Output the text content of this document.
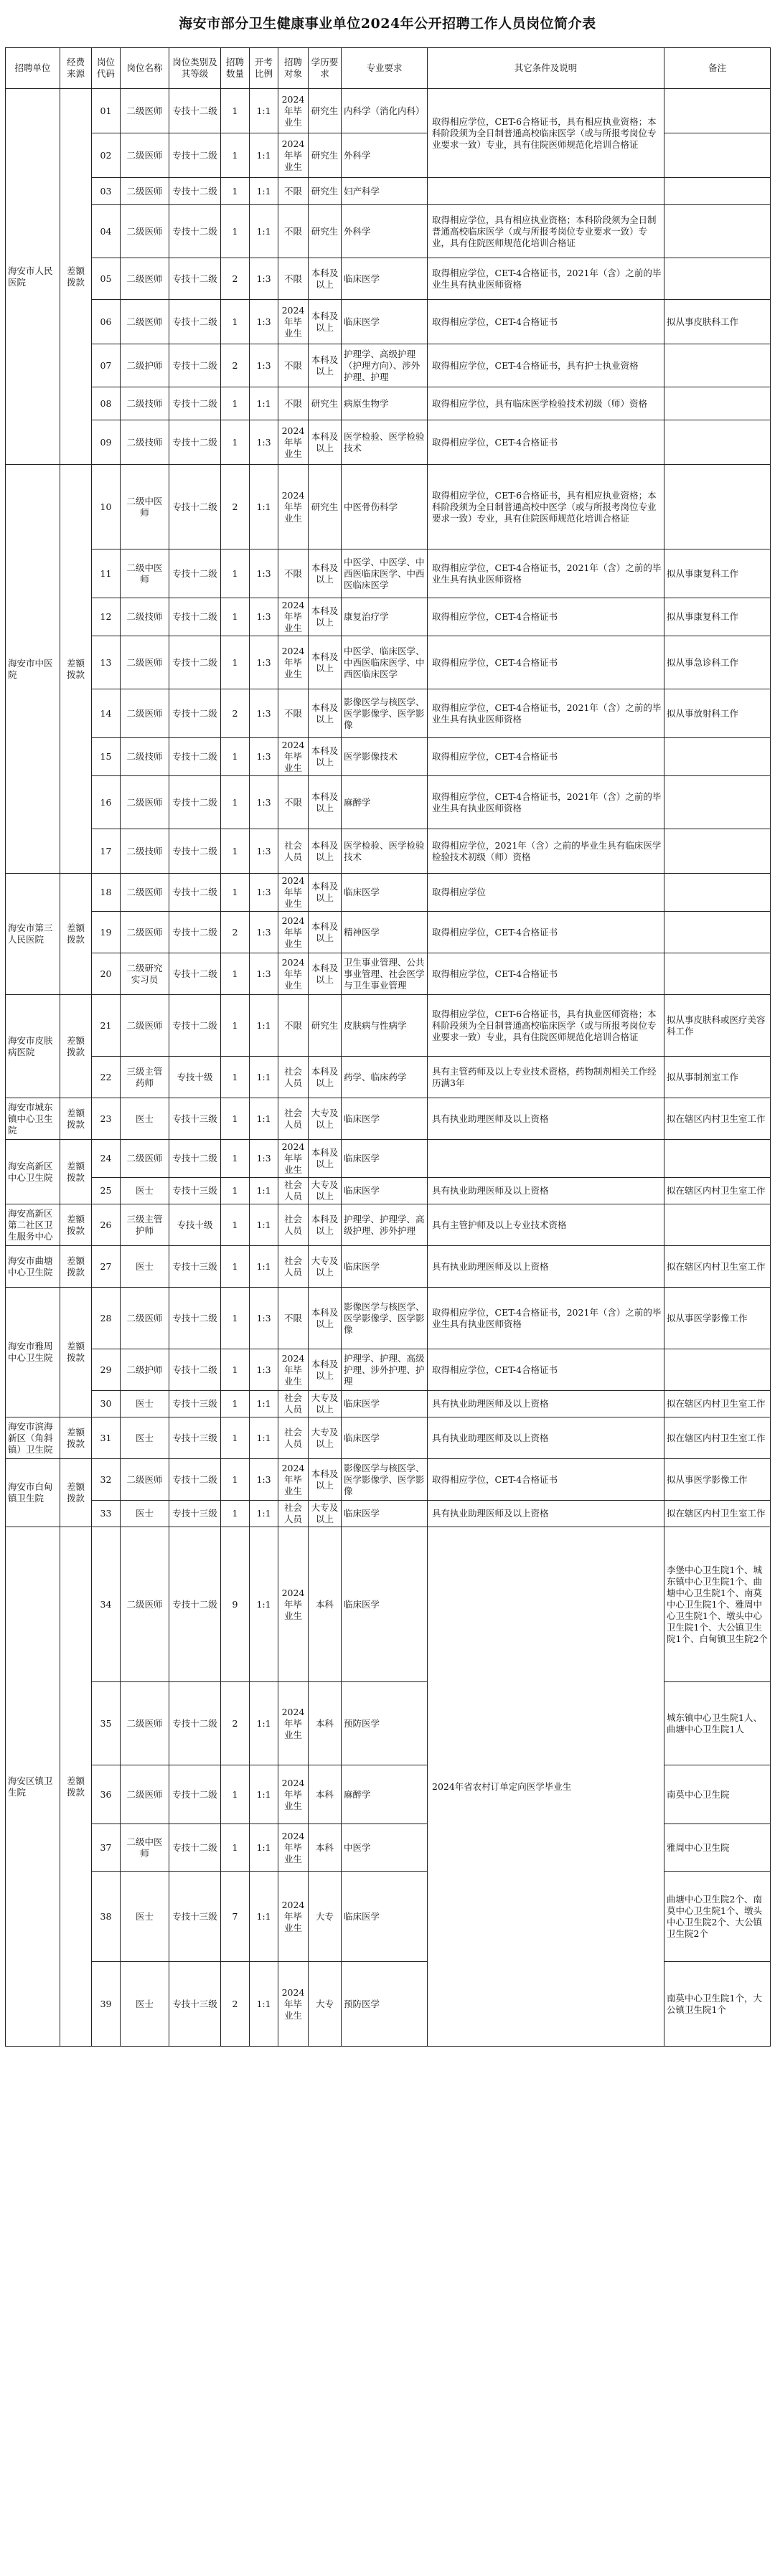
海安市部分卫生健康事业单位2024年公开招聘工作人员岗位简介表
招聘单位	经费来源	岗位代码	岗位名称	岗位类别及其等级	招聘数量	开考比例	招聘对象	学历要求	专业要求	其它条件及说明	备注
海安市人民医院	差额拨款	01	二级医师	专技十二级	1	1:1	2024年毕业生	研究生	内科学（消化内科）	取得相应学位，CET-6合格证书，具有相应执业资格；本科阶段须为全日制普通高校临床医学（或与所报考岗位专业要求一致）专业，具有住院医师规范化培训合格证	
		02	二级医师	专技十二级	1	1:1	2024年毕业生	研究生	外科学		
		03	二级医师	专技十二级	1	1:1	不限	研究生	妇产科学		
		04	二级医师	专技十二级	1	1:1	不限	研究生	外科学	取得相应学位，具有相应执业资格；本科阶段须为全日制普通高校临床医学（或与所报考岗位专业要求一致）专业，具有住院医师规范化培训合格证	
		05	二级医师	专技十二级	2	1:3	不限	本科及以上	临床医学	取得相应学位，CET-4合格证书，2021年（含）之前的毕业生具有执业医师资格	
		06	二级医师	专技十二级	1	1:3	2024年毕业生	本科及以上	临床医学	取得相应学位，CET-4合格证书	拟从事皮肤科工作
		07	二级护师	专技十二级	2	1:3	不限	本科及以上	护理学、高级护理（护理方向）、涉外护理、护理	取得相应学位，CET-4合格证书，具有护士执业资格	
		08	二级技师	专技十二级	1	1:1	不限	研究生	病原生物学	取得相应学位，具有临床医学检验技术初级（师）资格	
		09	二级技师	专技十二级	1	1:3	2024年毕业生	本科及以上	医学检验、医学检验技术	取得相应学位，CET-4合格证书	
海安市中医院	差额拨款	10	二级中医师	专技十二级	2	1:1	2024年毕业生	研究生	中医骨伤科学	取得相应学位，CET-6合格证书，具有相应执业资格；本科阶段须为全日制普通高校中医学（或与所报考岗位专业要求一致）专业，具有住院医师规范化培训合格证	
		11	二级中医师	专技十二级	1	1:3	不限	本科及以上	中医学、中医学、中西医临床医学、中西医临床医学	取得相应学位，CET-4合格证书，2021年（含）之前的毕业生具有执业医师资格	拟从事康复科工作
		12	二级技师	专技十二级	1	1:3	2024年毕业生	本科及以上	康复治疗学	取得相应学位，CET-4合格证书	拟从事康复科工作
		13	二级医师	专技十二级	1	1:3	2024年毕业生	本科及以上	中医学、临床医学、中西医临床医学、中西医临床医学	取得相应学位，CET-4合格证书	拟从事急诊科工作
		14	二级医师	专技十二级	2	1:3	不限	本科及以上	影像医学与核医学、医学影像学、医学影像	取得相应学位，CET-4合格证书，2021年（含）之前的毕业生具有执业医师资格	拟从事放射科工作
		15	二级技师	专技十二级	1	1:3	2024年毕业生	本科及以上	医学影像技术	取得相应学位，CET-4合格证书	
		16	二级医师	专技十二级	1	1:3	不限	本科及以上	麻醉学	取得相应学位，CET-4合格证书，2021年（含）之前的毕业生具有执业医师资格	
		17	二级技师	专技十二级	1	1:3	社会人员	本科及以上	医学检验、医学检验技术	取得相应学位，2021年（含）之前的毕业生具有临床医学检验技术初级（师）资格	
海安市第三人民医院	差额拨款	18	二级医师	专技十二级	1	1:3	2024年毕业生	本科及以上	临床医学	取得相应学位	
		19	二级医师	专技十二级	2	1:3	2024年毕业生	本科及以上	精神医学	取得相应学位，CET-4合格证书	
		20	二级研究实习员	专技十二级	1	1:3	2024年毕业生	本科及以上	卫生事业管理、公共事业管理、社会医学与卫生事业管理	取得相应学位，CET-4合格证书	
海安市皮肤病医院	差额拨款	21	二级医师	专技十二级	1	1:1	不限	研究生	皮肤病与性病学	取得相应学位，CET-6合格证书，具有执业医师资格；本科阶段须为全日制普通高校临床医学（或与所报考岗位专业要求一致）专业，具有住院医师规范化培训合格证	拟从事皮肤科或医疗美容科工作
		22	三级主管药师	专技十级	1	1:1	社会人员	本科及以上	药学、临床药学	具有主管药师及以上专业技术资格，药物制剂相关工作经历满3年	拟从事制剂室工作
海安市城东镇中心卫生院	差额拨款	23	医士	专技十三级	1	1:1	社会人员	大专及以上	临床医学	具有执业助理医师及以上资格	拟在辖区内村卫生室工作
海安高新区中心卫生院	差额拨款	24	二级医师	专技十二级	1	1:3	2024年毕业生	本科及以上	临床医学		
		25	医士	专技十三级	1	1:1	社会人员	大专及以上	临床医学	具有执业助理医师及以上资格	拟在辖区内村卫生室工作
海安高新区第二社区卫生服务中心	差额拨款	26	三级主管护师	专技十级	1	1:1	社会人员	本科及以上	护理学、护理学、高级护理、涉外护理	具有主管护师及以上专业技术资格	
海安市曲塘中心卫生院	差额拨款	27	医士	专技十三级	1	1:1	社会人员	大专及以上	临床医学	具有执业助理医师及以上资格	拟在辖区内村卫生室工作
海安市雅周中心卫生院	差额拨款	28	二级医师	专技十二级	1	1:3	不限	本科及以上	影像医学与核医学、医学影像学、医学影像	取得相应学位，CET-4合格证书，2021年（含）之前的毕业生具有执业医师资格	拟从事医学影像工作
		29	二级护师	专技十二级	1	1:3	2024年毕业生	本科及以上	护理学、护理、高级护理、涉外护理、护理	取得相应学位，CET-4合格证书	
		30	医士	专技十三级	1	1:1	社会人员	大专及以上	临床医学	具有执业助理医师及以上资格	拟在辖区内村卫生室工作
海安市滨海新区（角斜镇）卫生院	差额拨款	31	医士	专技十三级	1	1:1	社会人员	大专及以上	临床医学	具有执业助理医师及以上资格	拟在辖区内村卫生室工作
海安市白甸镇卫生院	差额拨款	32	二级医师	专技十二级	1	1:3	2024年毕业生	本科及以上	影像医学与核医学、医学影像学、医学影像	取得相应学位，CET-4合格证书	拟从事医学影像工作
		33	医士	专技十三级	1	1:1	社会人员	大专及以上	临床医学	具有执业助理医师及以上资格	拟在辖区内村卫生室工作
海安区镇卫生院	差额拨款	34	二级医师	专技十二级	9	1:1	2024年毕业生	本科	临床医学	2024年省农村订单定向医学毕业生	李堡中心卫生院1个、城东镇中心卫生院1个、曲塘中心卫生院1个、南莫中心卫生院1个、雅周中心卫生院1个、墩头中心卫生院1个、大公镇卫生院1个、白甸镇卫生院2个
		35	二级医师	专技十二级	2	1:1	2024年毕业生	本科	预防医学		城东镇中心卫生院1人、曲塘中心卫生院1人
		36	二级医师	专技十二级	1	1:1	2024年毕业生	本科	麻醉学		南莫中心卫生院
		37	二级中医师	专技十二级	1	1:1	2024年毕业生	本科	中医学		雅周中心卫生院
		38	医士	专技十三级	7	1:1	2024年毕业生	大专	临床医学		曲塘中心卫生院2个、南莫中心卫生院1个、墩头中心卫生院2个、大公镇卫生院2个
		39	医士	专技十三级	2	1:1	2024年毕业生	大专	预防医学		南莫中心卫生院1个，大公镇卫生院1个
